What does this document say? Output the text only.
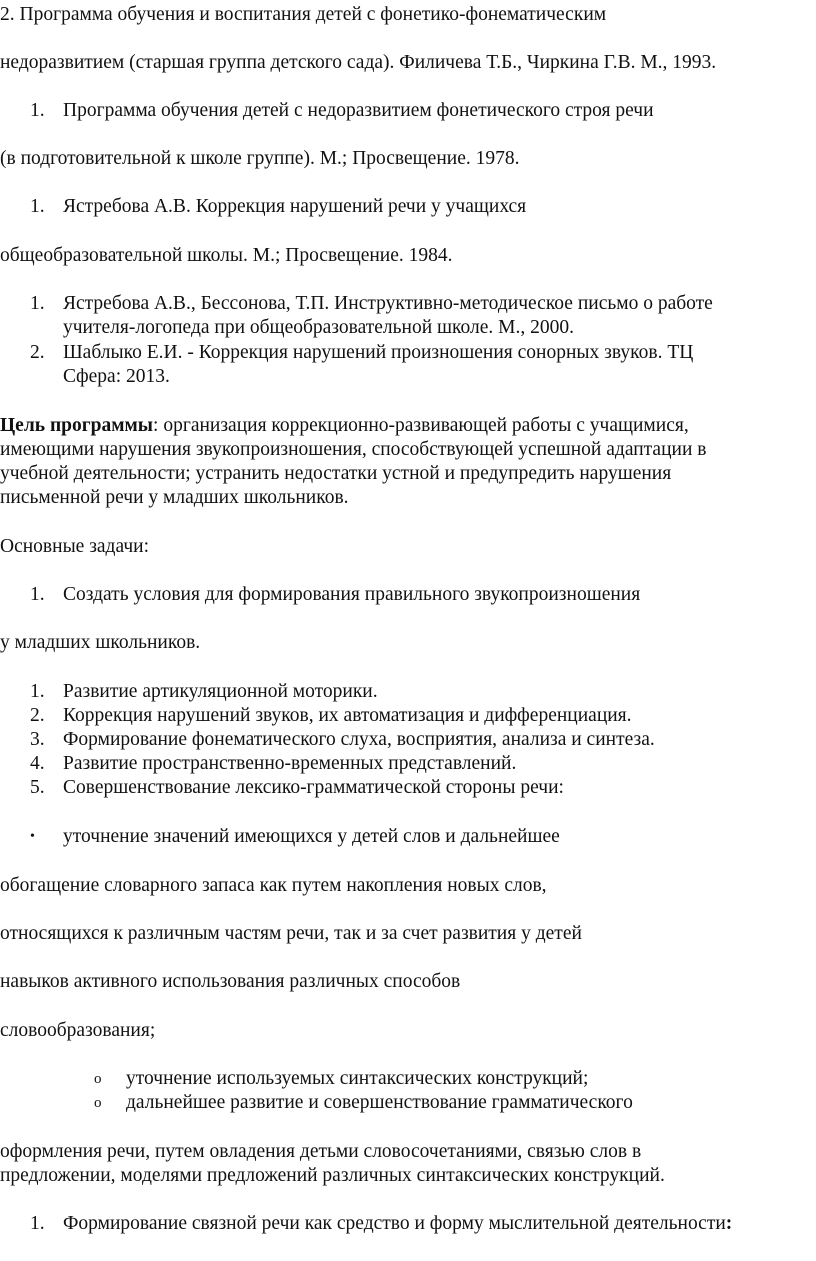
2. Программа обучения и воспитания детей с фонетико-фонематическим
недоразвитием (старшая группа детского сада). Филичева Т.Б., Чиркина Г.В. М., 1993.
1. Программа обучения детей с недоразвитием фонетического строя речи
(в подготовительной к школе группе). М.; Просвещение. 1978.
1. Ястребова А.В. Коррекция нарушений речи у учащихся
общеобразовательной школы. М.; Просвещение. 1984.
1. Ястребова А.В., Бессонова, Т.П. Инструктивно-методическое письмо о работе
учителя-логопеда при общеобразовательной школе. М., 2000.
2. Шаблыко Е.И. - Коррекция нарушений произношения сонорных звуков. ТЦ
Сфера: 2013.
Цель программы: организация коррекционно-развивающей работы с учащимися,
имеющими нарушения звукопроизношения, способствующей успешной адаптации в
учебной деятельности; устранить недостатки устной и предупредить нарушения
письменной речи у младших школьников.
Основные задачи:
1. Создать условия для формирования правильного звукопроизношения
у младших школьников.
1. Развитие артикуляционной моторики.
2. Коррекция нарушений звуков, их автоматизация и дифференциация.
3. Формирование фонематического слуха, восприятия, анализа и синтеза.
4. Развитие пространственно-временных представлений.
5. Совершенствование лексико-грамматической стороны речи:
• уточнение значений имеющихся у детей слов и дальнейшее
обогащение словарного запаса как путем накопления новых слов,
относящихся к различным частям речи, так и за счет развития у детей
навыков активного использования различных способов
словообразования;
o уточнение используемых синтаксических конструкций;
o дальнейшее развитие и совершенствование грамматического
оформления речи, путем овладения детьми словосочетаниями, связью слов в
предложении, моделями предложений различных синтаксических конструкций.
1. Формирование связной речи как средство и форму мыслительной деятельности:
